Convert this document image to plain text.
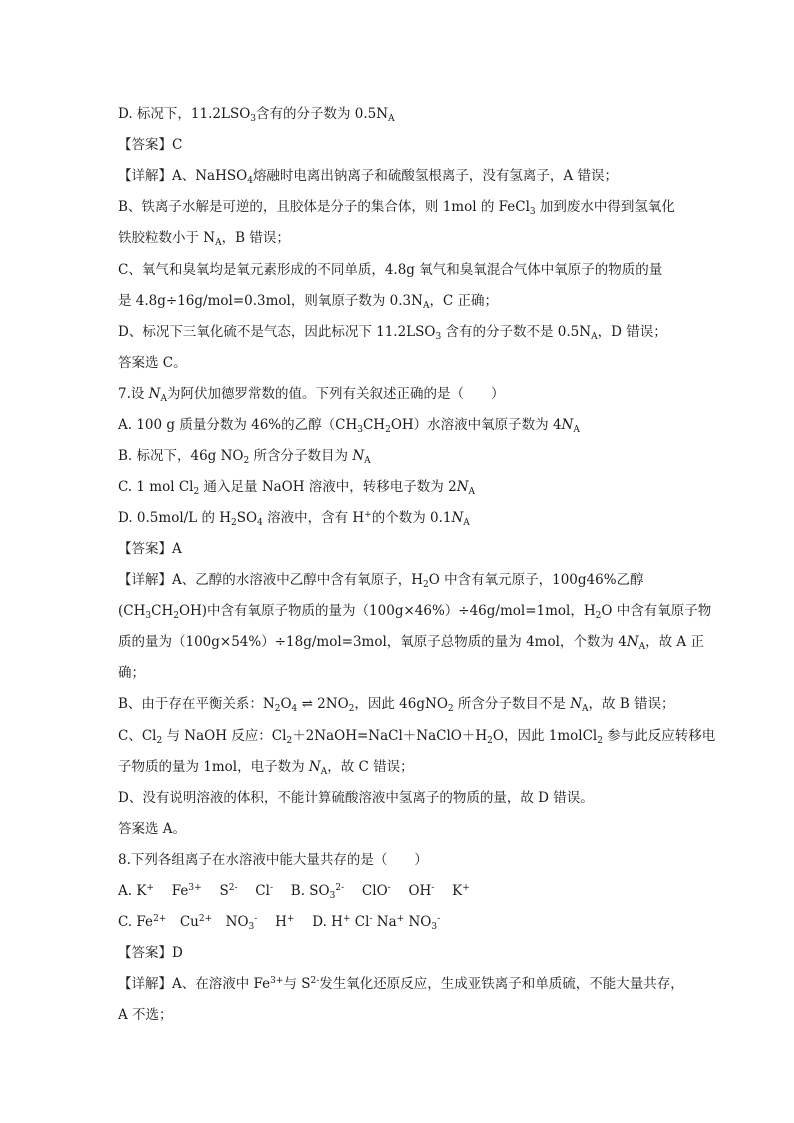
D. 标况下，$11.2LSO_3$含有的分子数为 $0.5N_A$
【答案】C
【详解】A、NaHSO$_4$熔融时电离出钠离子和硫酸氢根离子，没有氢离子，A 错误；
B、铁离子水解是可逆的，且胶体是分子的集合体，则 1mol 的 FeCl$_3$ 加到废水中得到氢氧化
铁胶粒数小于 $N_A$，B 错误；
C、氧气和臭氧均是氧元素形成的不同单质，4.8g 氧气和臭氧混合气体中氧原子的物质的量
是 4.8g÷16g/mol=0.3mol，则氧原子数为 $0.3N_A$，C 正确；
D、标况下三氧化硫不是气态，因此标况下 $11.2LSO_3$ 含有的分子数不是 $0.5N_A$，D 错误；
答案选 C。
7.设 $N_A$为阿伏加德罗常数的值。下列有关叙述正确的是（　　）
A. 100 g 质量分数为 46%的乙醇$(CH_3CH_2OH)$水溶液中氧原子数为 $4N_A$
B. 标况下，46g $NO_2$ 所含分子数目为 $N_A$
C. 1 mol $Cl_2$ 通入足量 NaOH 溶液中，转移电子数为 $2N_A$
D. 0.5mol/L 的 $H_2SO_4$ 溶液中，含有 H+的个数为 $0.1N_A$
【答案】A
【详解】A、乙醇的水溶液中乙醇中含有氧原子，$H_2O$ 中含有氧元原子，100g46%乙醇
$(CH_3CH_2OH)$中含有氧原子物质的量为（100g×46%）÷46g/mol=1mol，$H_2O$ 中含有氧原子物
质的量为（100g×54%）÷18g/mol=3mol，氧原子总物质的量为 4mol，个数为 $4N_A$，故 A 正
确；
B、由于存在平衡关系：$N_2O_4$ ⇌ $2NO_2$，因此 46gNO$_2$ 所含分子数目不是 $N_A$，故 B 错误；
C、$Cl_2$ 与 NaOH 反应：$Cl_2+2NaOH=NaCl+NaClO+H_2O$，因此 1molCl$_2$ 参与此反应转移电
子物质的量为 1mol，电子数为 $N_A$，故 C 错误；
D、没有说明溶液的体积，不能计算硫酸溶液中氢离子的物质的量，故 D 错误。
答案选 A。
8.下列各组离子在水溶液中能大量共存的是（　　）
A. K+　 $Fe^{3+}$　 $S^{2-}$　 Cl-　 B. $SO_3^{2-}$　 ClO-　 OH-　 K+
C. $Fe^{2+}$　$Cu^{2+}$　$NO_3^-$　 H+　 D. H+ Cl- Na+ $NO_3^-$
【答案】D
【详解】A、在溶液中 $Fe^{3+}$与 $S^{2-}$发生氧化还原反应，生成亚铁离子和单质硫，不能大量共存，
A 不选；
